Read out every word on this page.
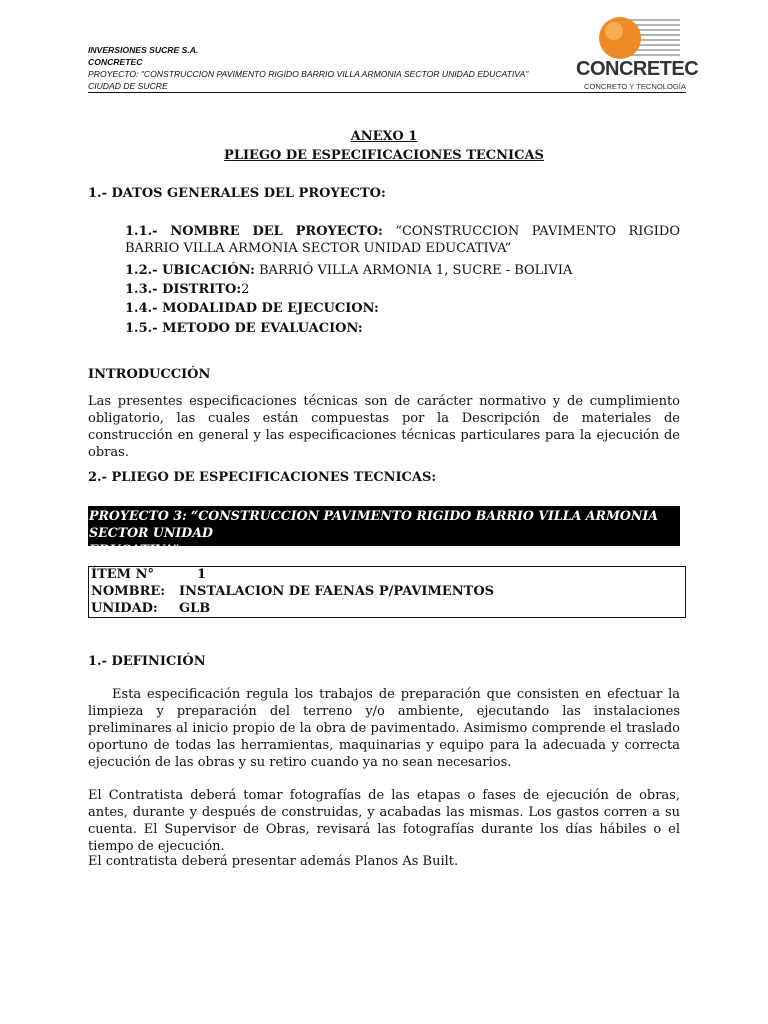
INVERSIONES SUCRE S.A.
CONCRETEC
PROYECTO: "CONSTRUCCION PAVIMENTO RIGIDO BARRIO VILLA ARMONIA SECTOR UNIDAD EDUCATIVA"
CIUDAD DE SUCRE
CONCRETEC
CONCRETO Y TECNOLOGÍA
ANEXO 1
PLIEGO DE ESPECIFICACIONES TECNICAS
1.- DATOS GENERALES DEL PROYECTO:
1.1.- NOMBRE DEL PROYECTO: “CONSTRUCCION PAVIMENTO RIGIDO BARRIO VILLA ARMONIA SECTOR UNIDAD EDUCATIVA”
1.2.- UBICACIÓN: BARRIÓ VILLA ARMONIA 1, SUCRE - BOLIVIA
1.3.- DISTRITO:2
1.4.- MODALIDAD DE EJECUCION:
1.5.- METODO DE EVALUACION:
INTRODUCCIÓN
Las presentes especificaciones técnicas son de carácter normativo y de cumplimiento obligatorio, las cuales están compuestas por la Descripción de materiales de construcción en general y las especificaciones técnicas particulares para la ejecución de obras.
2.- PLIEGO DE ESPECIFICACIONES TECNICAS:
PROYECTO 3: “CONSTRUCCION PAVIMENTO RIGIDO BARRIO VILLA ARMONIA SECTOR UNIDAD
EDUCATIVA”
ÍTEM N°	1
NOMBRE:	INSTALACION DE FAENAS P/PAVIMENTOS
UNIDAD:	GLB
1.- DEFINICIÓN
Esta especificación regula los trabajos de preparación que consisten en efectuar la limpieza y preparación del terreno y/o ambiente, ejecutando las instalaciones preliminares al inicio propio de la obra de pavimentado. Asimismo comprende el traslado oportuno de todas las herramientas, maquinarias y equipo para la adecuada y correcta ejecución de las obras y su retiro cuando ya no sean necesarios.
El Contratista deberá tomar fotografías de las etapas o fases de ejecución de obras, antes, durante y después de construidas, y acabadas las mismas. Los gastos corren a su cuenta. El Supervisor de Obras, revisará las fotografías durante los días hábiles o el tiempo de ejecución.
El contratista deberá presentar además Planos As Built.
